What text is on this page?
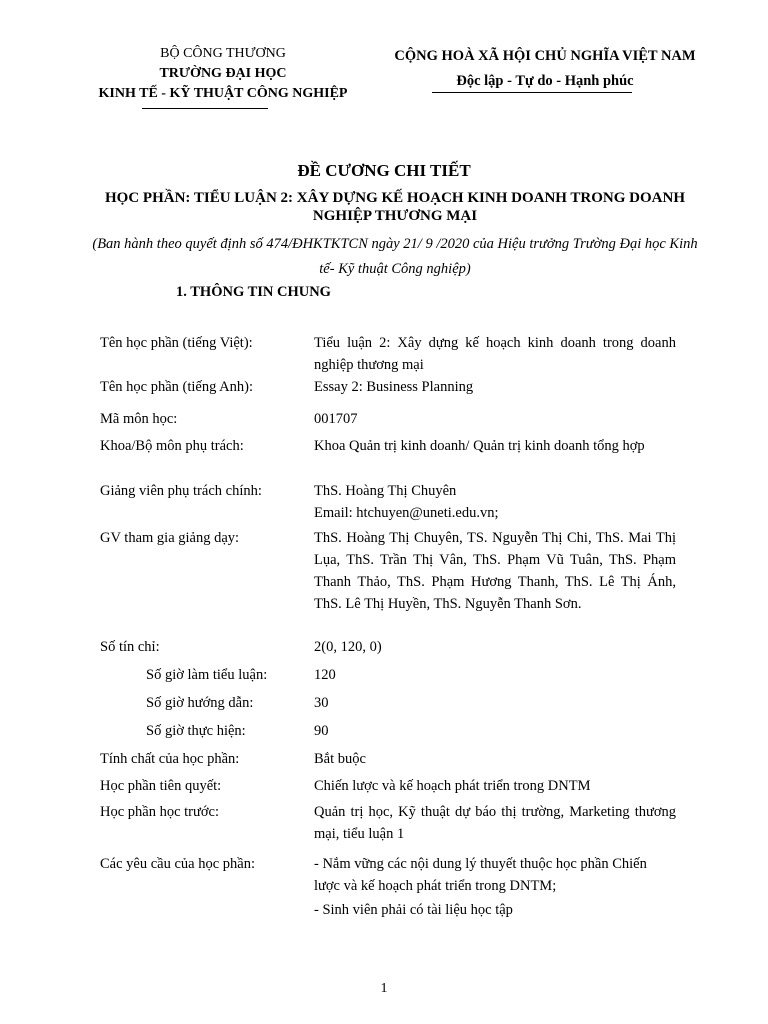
BỘ CÔNG THƯƠNG
TRƯỜNG ĐẠI HỌC
KINH TẾ - KỸ THUẬT CÔNG NGHIỆP
CỘNG HOÀ XÃ HỘI CHỦ NGHĨA VIỆT NAM
Độc lập - Tự do - Hạnh phúc
ĐỀ CƯƠNG CHI TIẾT
HỌC PHẦN: TIỂU LUẬN 2: XÂY DỰNG KẾ HOẠCH KINH DOANH TRONG DOANH NGHIỆP THƯƠNG MẠI
(Ban hành theo quyết định số 474/ĐHKTKTCN ngày 21/ 9 /2020 của Hiệu trưởng Trường Đại học Kinh tế- Kỹ thuật Công nghiệp)
1. THÔNG TIN CHUNG
Tên học phần (tiếng Việt):	Tiểu luận 2: Xây dựng kế hoạch kinh doanh trong doanh nghiệp thương mại
Tên học phần (tiếng Anh):	Essay 2: Business Planning
Mã môn học:	001707
Khoa/Bộ môn phụ trách:	Khoa Quản trị kinh doanh/ Quản trị kinh doanh tổng hợp
Giảng viên phụ trách chính:	ThS. Hoàng Thị Chuyên

Email: htchuyen@uneti.edu.vn;

GV tham gia giảng dạy:	ThS. Hoàng Thị Chuyên, TS. Nguyễn Thị Chi, ThS. Mai Thị Lụa, ThS. Trần Thị Vân, ThS. Phạm Vũ Tuân, ThS. Phạm Thanh Thảo, ThS. Phạm Hương Thanh, ThS. Lê Thị Ánh, ThS. Lê Thị Huyền, ThS. Nguyễn Thanh Sơn.
Số tín chỉ:	2(0, 120, 0)
Số giờ làm tiểu luận:	120
Số giờ hướng dẫn:	30
Số giờ thực hiện:	90
Tính chất của học phần:	Bắt buộc
Học phần tiên quyết:	Chiến lược và kế hoạch phát triển trong DNTM
Học phần học trước:	Quản trị học, Kỹ thuật dự báo thị trường, Marketing thương mại, tiểu luận 1
Các yêu cầu của học phần:	- Nắm vững các nội dung lý thuyết thuộc học phần Chiến lược và kế hoạch phát triển trong DNTM;

- Sinh viên phải có tài liệu học tập

1
